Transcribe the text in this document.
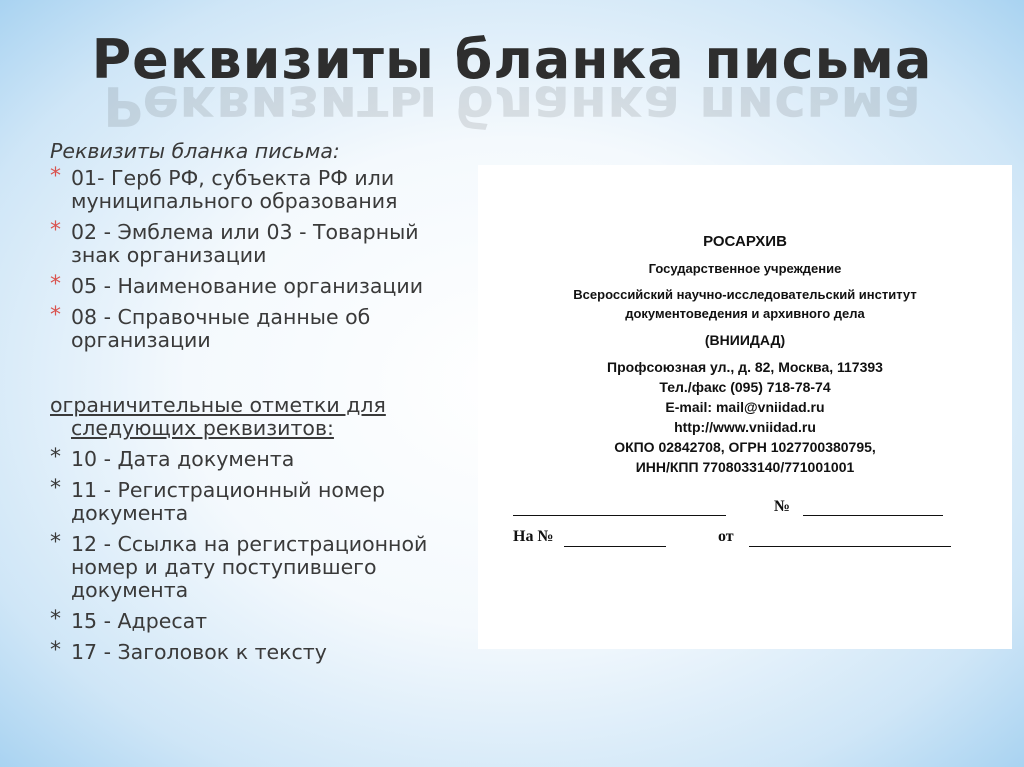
Реквизиты бланка письма
Реквизиты бланка письма
Реквизиты бланка письма:
* 01- Герб РФ, субъекта РФ или муниципального образования
* 02 - Эмблема или 03 - Товарный знак организации
* 05 - Наименование организации
* 08 - Справочные данные об организации
ограничительные отметки для
следующих реквизитов:
* 10 - Дата документа
* 11 - Регистрационный номер документа
* 12 - Ссылка на регистрационной номер и дату поступившего документа
* 15 - Адресат
* 17 - Заголовок к тексту
РОСАРХИВ
Государственное учреждение
Всероссийский научно-исследовательский институт
документоведения и архивного дела
(ВНИИДАД)
Профсоюзная ул., д. 82, Москва, 117393
Тел./факс (095) 718-78-74
E-mail: mail@vniidad.ru
http://www.vniidad.ru
ОКПО 02842708, ОГРН 1027700380795,
ИНН/КПП 7708033140/771001001
№
На №	от
